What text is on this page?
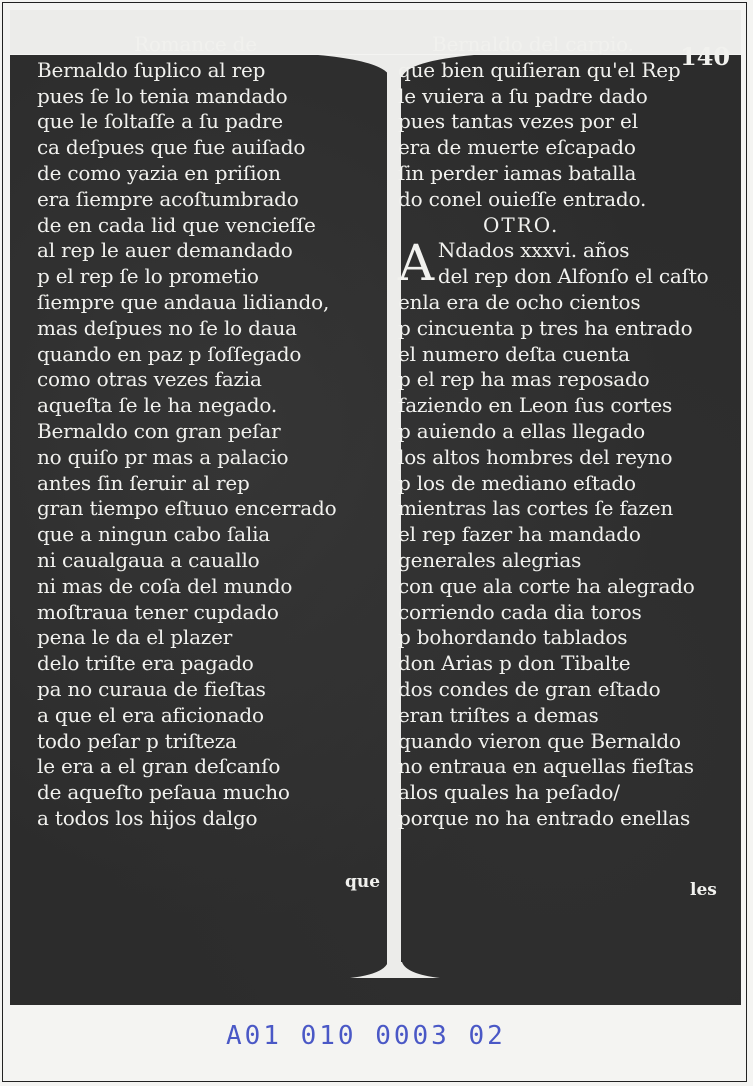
140
Romance de
Bernaldo ſuplico al rep
pues ſe lo tenia mandado
que le ſoltaſſe a ſu padre
ca deſpues que fue auiſado
de como yazia en priſion
era ſiempre acoſtumbrado
de en cada lid que vencieſſe
al rep le auer demandado
p el rep ſe lo prometio
ſiempre que andaua lidiando,
mas deſpues no ſe lo daua
quando en paz p ſoſſegado
como otras vezes fazia
aqueſta ſe le ha negado.
Bernaldo con gran peſar
no quiſo pr mas a palacio
antes ſin ſeruir al rep
gran tiempo eſtuuo encerrado
que a ningun cabo ſalia
ni caualgaua a cauallo
ni mas de coſa del mundo
moſtraua tener cupdado
pena le da el plazer
delo triſte era pagado
pa no curaua de fieſtas
a que el era aficionado
todo peſar p triſteza
le era a el gran deſcanſo
de aqueſto peſaua mucho
a todos los hijos dalgo
Bernaldo del carpio.
que bien quiſieran qu'el Rep
le vuiera a ſu padre dado
pues tantas vezes por el
era de muerte eſcapado
ſin perder iamas batalla
do conel ouieſſe entrado.
OTRO.
A Ndados xxxvi. años
del rep don Alfonſo el caſto
enla era de ocho cientos
p cincuenta p tres ha entrado
el numero deſta cuenta
p el rep ha mas reposado
faziendo en Leon ſus cortes
p auiendo a ellas llegado
los altos hombres del reyno
p los de mediano eſtado
mientras las cortes ſe fazen
el rep fazer ha mandado
generales alegrias
con que ala corte ha alegrado
corriendo cada dia toros
p bohordando tablados
don Arias p don Tibalte
dos condes de gran eſtado
eran triſtes a demas
quando vieron que Bernaldo
no entraua en aquellas fieſtas
alos quales ha peſado/
porque no ha entrado enellas
que	les
A01 010 0003 02
